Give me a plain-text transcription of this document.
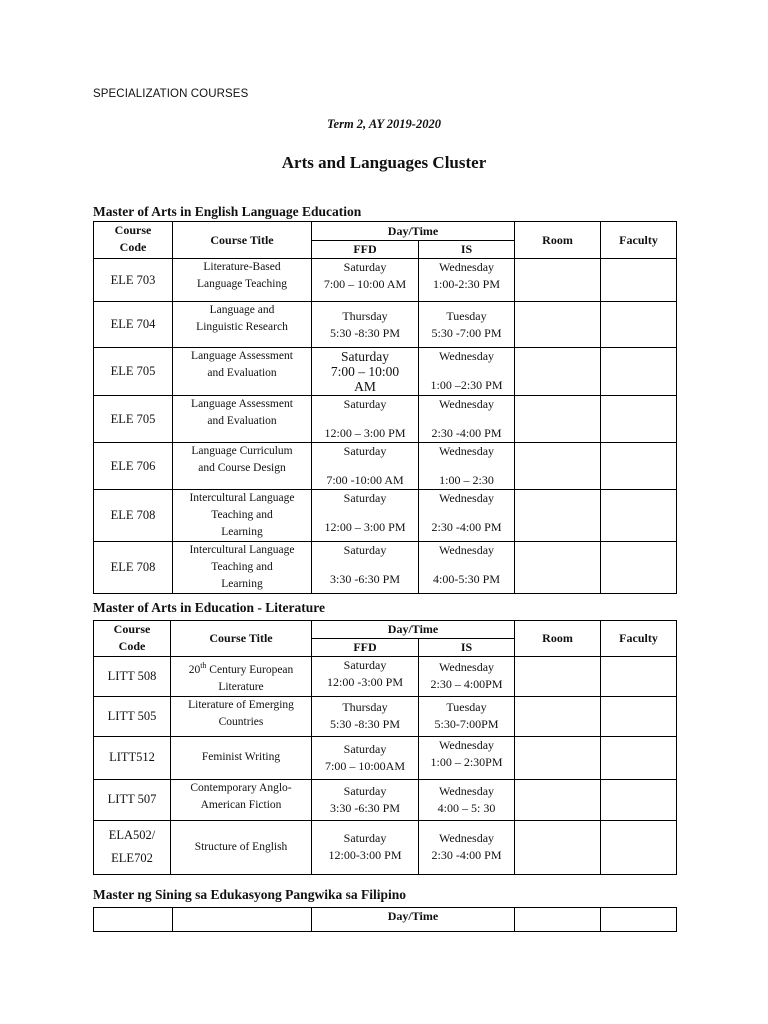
SPECIALIZATION COURSES
Term 2, AY 2019-2020
Arts and Languages Cluster
Master of Arts in English Language Education
Course
Code	Course Title	Day/Time		Room	Faculty
		FFD	IS		
ELE 703	Literature-Based
Language Teaching	Saturday
7:00 – 10:00 AM	Wednesday
1:00-2:30 PM		

ELE 704	Language and
Linguistic Research	Thursday
5:30 -8:30 PM	Tuesday
5:30 -7:00 PM		

ELE 705	Language Assessment
and Evaluation	Saturday
7:00 – 10:00
AM	Wednesday
1:00 –2:30 PM		

ELE 705	Language Assessment
and Evaluation	Saturday
12:00 – 3:00 PM	Wednesday
2:30 -4:00 PM		

ELE 706	Language Curriculum
and Course Design	Saturday
7:00 -10:00 AM	Wednesday
1:00 – 2:30		

ELE 708	Intercultural Language
Teaching and
Learning	Saturday
12:00 – 3:00 PM	Wednesday
2:30 -4:00 PM		

ELE 708	Intercultural Language
Teaching and
Learning	Saturday
3:30 -6:30 PM	Wednesday
4:00-5:30 PM		

Master of Arts in Education - Literature
Course
Code	Course Title	Day/Time		Room	Faculty
		FFD	IS		
LITT 508	20th Century European
Literature	Saturday
12:00 -3:00 PM	Wednesday
2:30 – 4:00PM		

LITT 505	Literature of Emerging
Countries	Thursday
5:30 -8:30 PM	Tuesday
5:30-7:00PM		

LITT512	Feminist Writing	Saturday
7:00 – 10:00AM	Wednesday
1:00 – 2:30PM		

LITT 507	Contemporary Anglo-
American Fiction	Saturday
3:30 -6:30 PM	Wednesday
4:00 – 5: 30		

ELA502/
ELE702	Structure of English	Saturday
12:00-3:00 PM	Wednesday
2:30 -4:00 PM		

Master ng Sining sa Edukasyong Pangwika sa Filipino
		Day/Time		
